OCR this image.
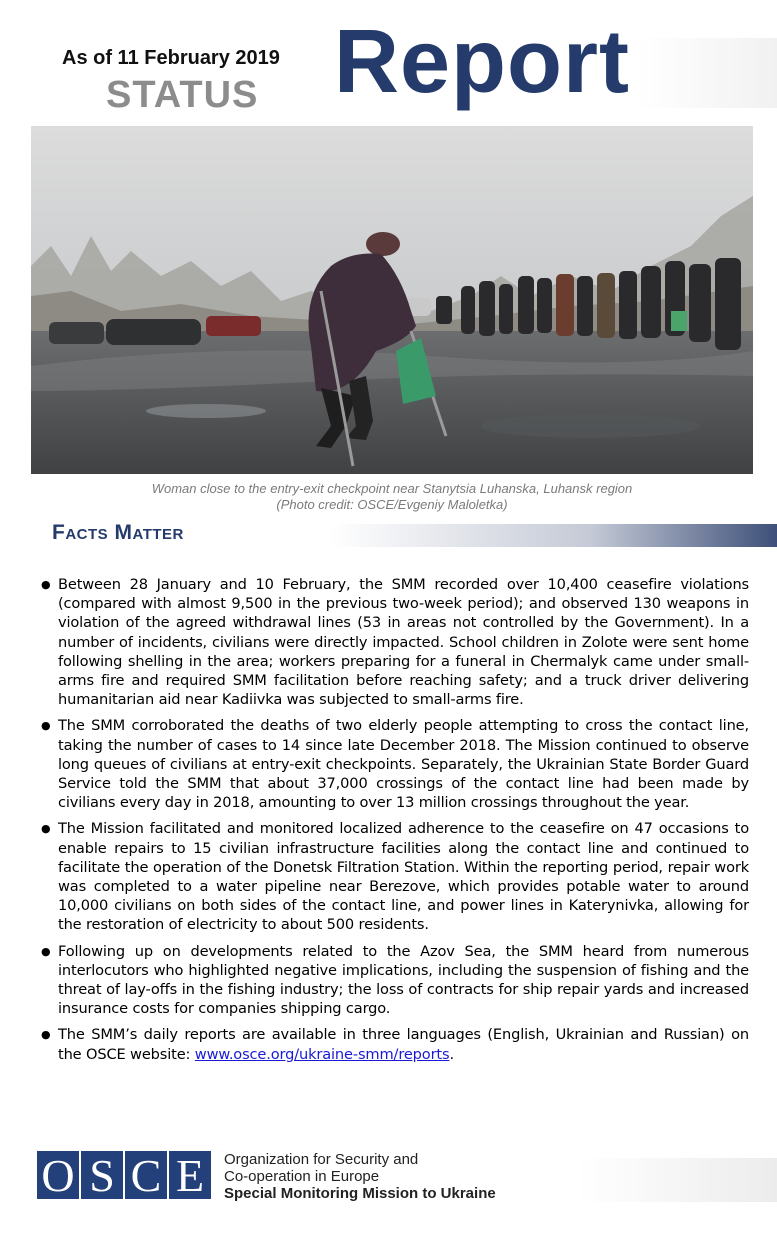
As of 11 February 2019
STATUS Report
Woman close to the entry-exit checkpoint near Stanytsia Luhanska, Luhansk region
(Photo credit: OSCE/Evgeniy Maloletka)
Facts Matter
● Between 28 January and 10 February, the SMM recorded over 10,400 ceasefire violations (compared with almost 9,500 in the previous two-week period); and observed 130 weapons in violation of the agreed withdrawal lines (53 in areas not controlled by the Government). In a number of incidents, civilians were directly impacted. School children in Zolote were sent home following shelling in the area; workers preparing for a funeral in Chermalyk came under small-arms fire and required SMM facilitation before reaching safety; and a truck driver delivering humanitarian aid near Kadiivka was subjected to small-arms fire.
● The SMM corroborated the deaths of two elderly people attempting to cross the contact line, taking the number of cases to 14 since late December 2018. The Mission continued to observe long queues of civilians at entry-exit checkpoints. Separately, the Ukrainian State Border Guard Service told the SMM that about 37,000 crossings of the contact line had been made by civilians every day in 2018, amounting to over 13 million crossings throughout the year.
● The Mission facilitated and monitored localized adherence to the ceasefire on 47 occasions to enable repairs to 15 civilian infrastructure facilities along the contact line and continued to facilitate the operation of the Donetsk Filtration Station. Within the reporting period, repair work was completed to a water pipeline near Berezove, which provides potable water to around 10,000 civilians on both sides of the contact line, and power lines in Katerynivka, allowing for the restoration of electricity to about 500 residents.
● Following up on developments related to the Azov Sea, the SMM heard from numerous interlocutors who highlighted negative implications, including the suspension of fishing and the threat of lay-offs in the fishing industry; the loss of contracts for ship repair yards and increased insurance costs for companies shipping cargo.
● The SMM’s daily reports are available in three languages (English, Ukrainian and Russian) on the OSCE website: www.osce.org/ukraine-smm/reports.
O S C E	Organization for Security and
Co-operation in Europe
Special Monitoring Mission to Ukraine
